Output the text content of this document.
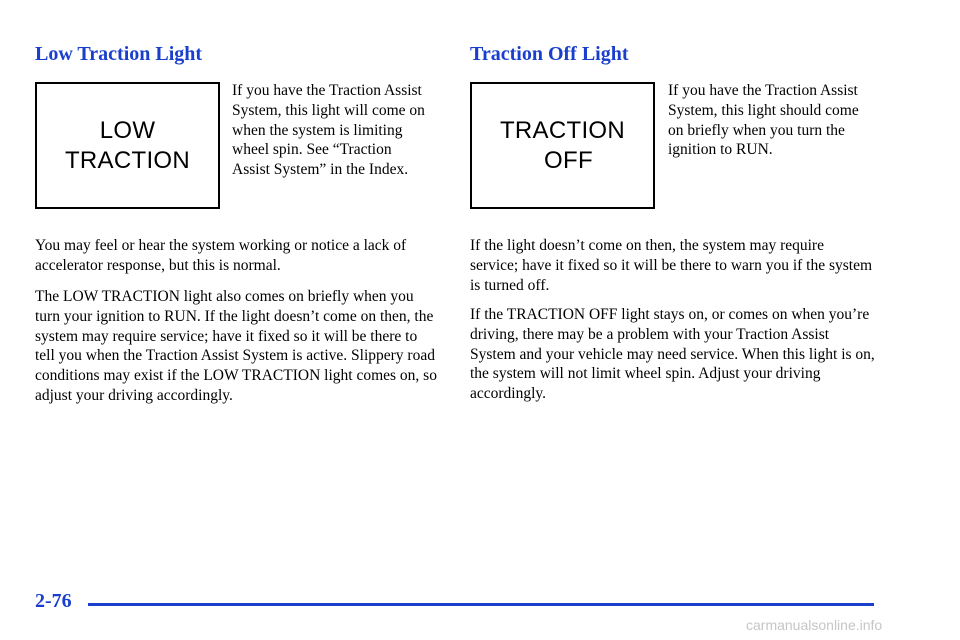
Low Traction Light
LOW
TRACTION

If you have the Traction Assist System, this light will come on when the system is limiting wheel spin. See “Traction Assist System” in the Index.

You may feel or hear the system working or notice a lack of accelerator response, but this is normal.

The LOW TRACTION light also comes on briefly when you turn your ignition to RUN. If the light doesn’t come on then, the system may require service; have it fixed so it will be there to tell you when the Traction Assist System is active. Slippery road conditions may exist if the LOW TRACTION light comes on, so adjust your driving accordingly.

Traction Off Light
TRACTION
OFF

If you have the Traction Assist System, this light should come on briefly when you turn the ignition to RUN.

If the light doesn’t come on then, the system may require service; have it fixed so it will be there to warn you if the system is turned off.

If the TRACTION OFF light stays on, or comes on when you’re driving, there may be a problem with your Traction Assist System and your vehicle may need service. When this light is on, the system will not limit wheel spin. Adjust your driving accordingly.

2-76

carmanualsonline.info
